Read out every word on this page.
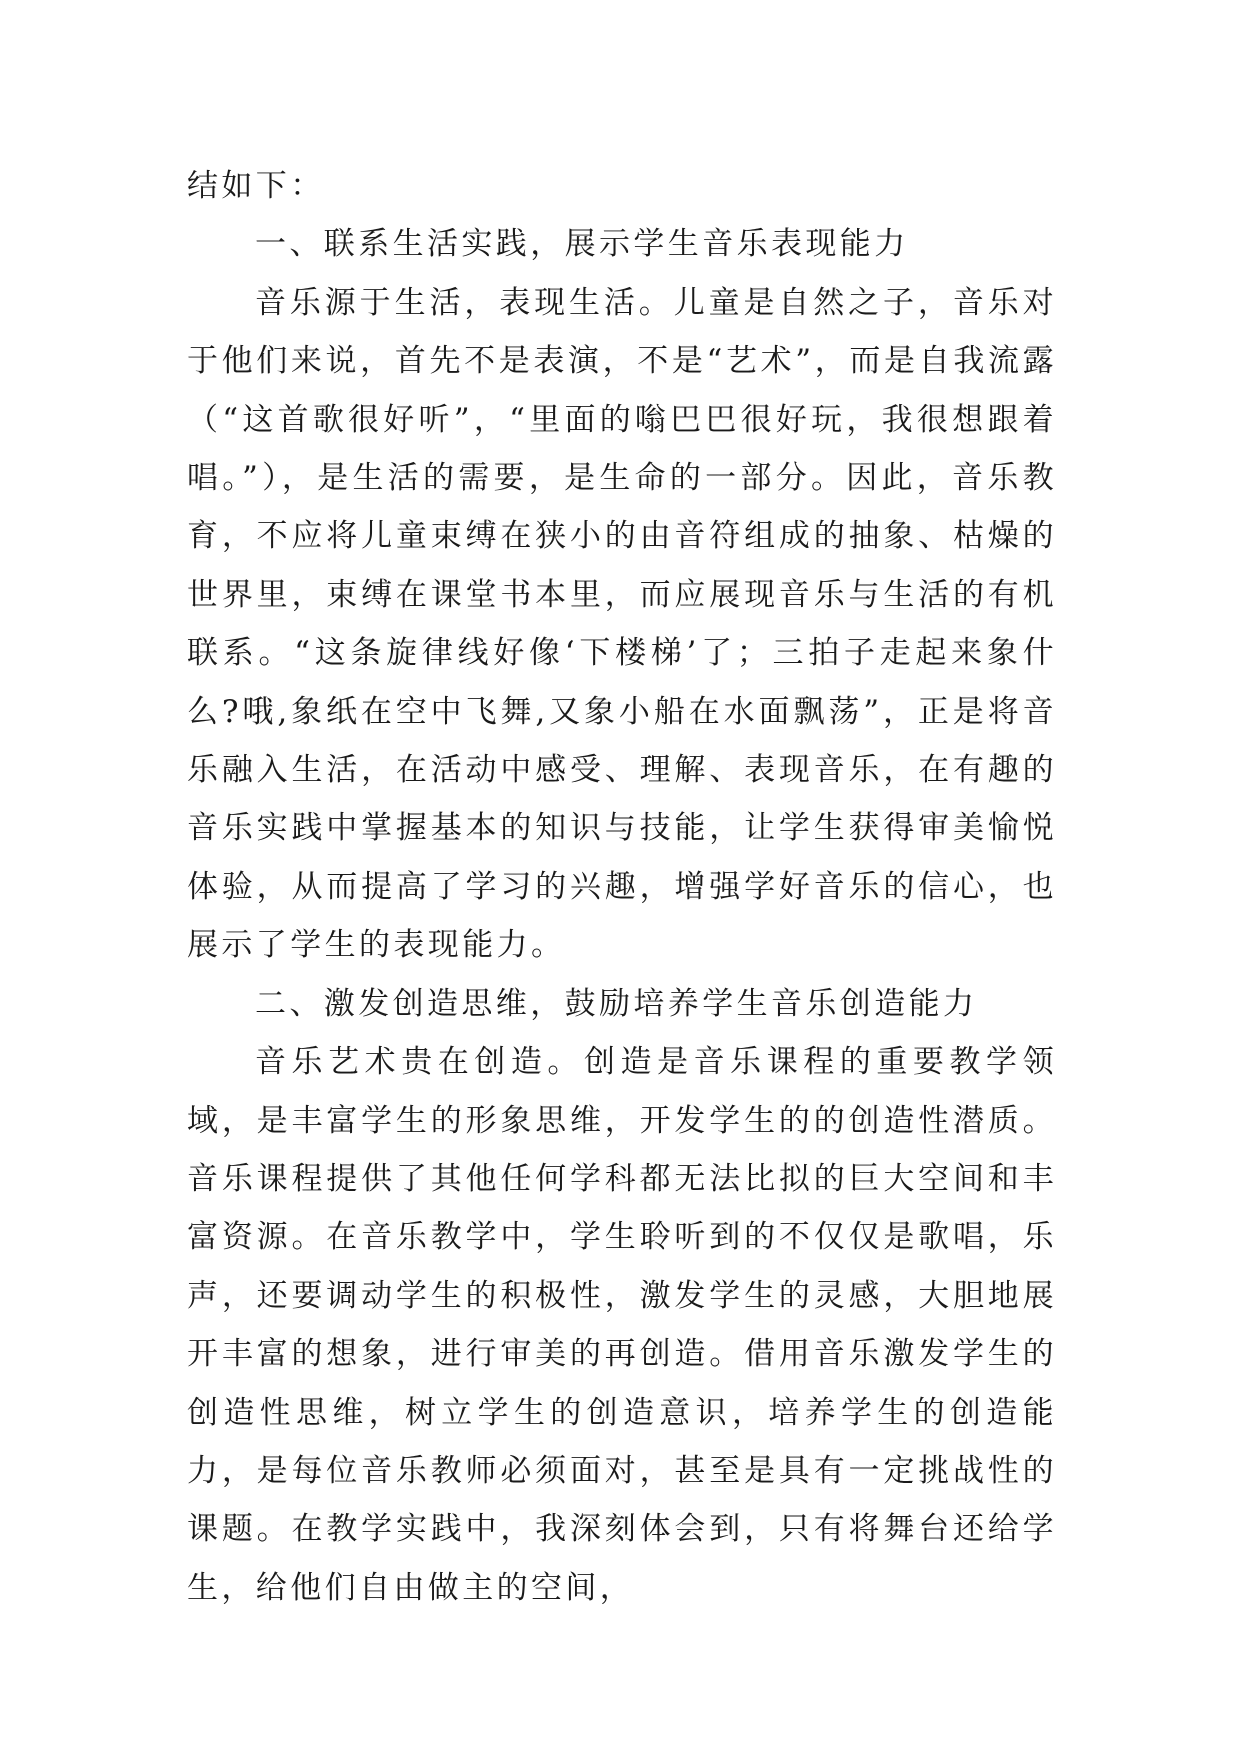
结如下：

一、联系生活实践，展示学生音乐表现能力

音乐源于生活，表现生活。儿童是自然之子，音乐对于他们来说，首先不是表演，不是“艺术”，而是自我流露（“这首歌很好听”，“里面的嗡巴巴很好玩，我很想跟着唱。”），是生活的需要，是生命的一部分。因此，音乐教育，不应将儿童束缚在狭小的由音符组成的抽象、枯燥的世界里，束缚在课堂书本里，而应展现音乐与生活的有机联系。“这条旋律线好像‘下楼梯’了；三拍子走起来象什么?哦,象纸在空中飞舞,又象小船在水面飘荡”，正是将音乐融入生活，在活动中感受、理解、表现音乐，在有趣的音乐实践中掌握基本的知识与技能，让学生获得审美愉悦体验，从而提高了学习的兴趣，增强学好音乐的信心，也展示了学生的表现能力。

二、激发创造思维，鼓励培养学生音乐创造能力

音乐艺术贵在创造。创造是音乐课程的重要教学领域，是丰富学生的形象思维，开发学生的的创造性潜质。音乐课程提供了其他任何学科都无法比拟的巨大空间和丰富资源。在音乐教学中，学生聆听到的不仅仅是歌唱，乐声，还要调动学生的积极性，激发学生的灵感，大胆地展开丰富的想象，进行审美的再创造。借用音乐激发学生的创造性思维，树立学生的创造意识，培养学生的创造能力，是每位音乐教师必须面对，甚至是具有一定挑战性的课题。在教学实践中，我深刻体会到，只有将舞台还给学生，给他们自由做主的空间，
